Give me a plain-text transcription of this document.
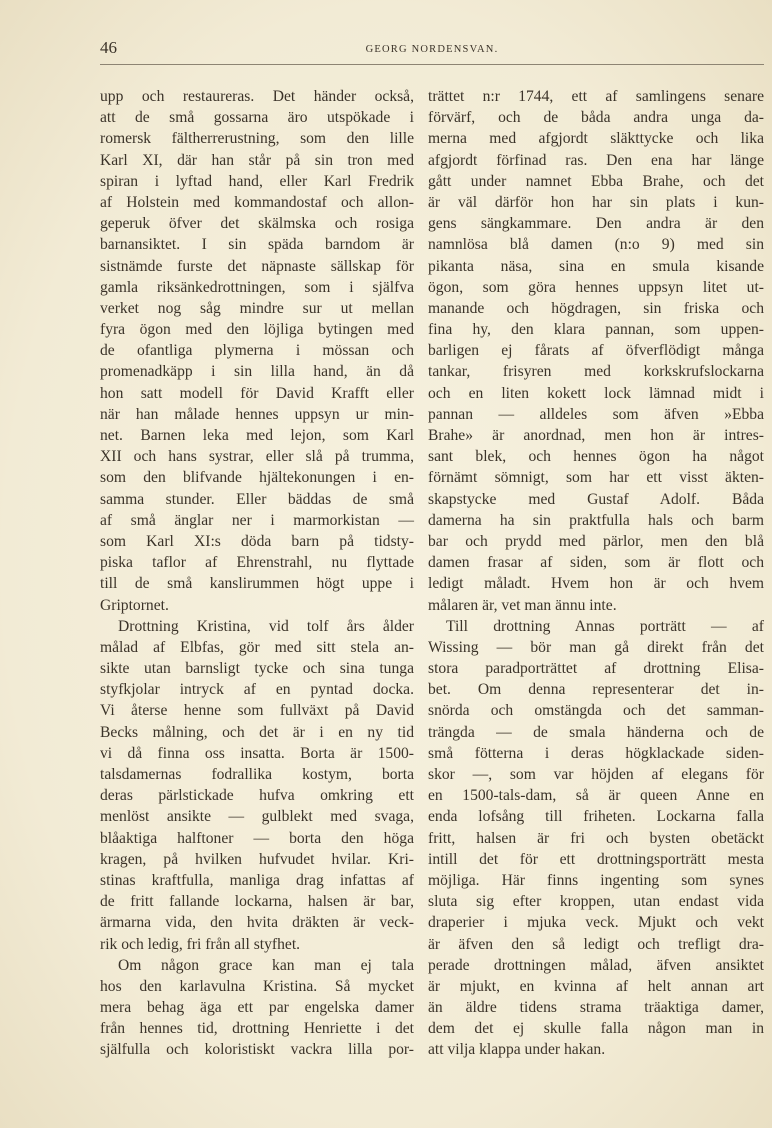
46	GEORG NORDENSVAN.
upp och restaureras. Det händer också,
att de små gossarna äro utspökade i
romersk fältherrerustning, som den lille
Karl XI, där han står på sin tron med
spiran i lyftad hand, eller Karl Fredrik
af Holstein med kommandostaf och allon-
geperuk öfver det skälmska och rosiga
barnansiktet. I sin späda barndom är
sistnämde furste det näpnaste sällskap för
gamla riksänkedrottningen, som i själfva
verket nog såg mindre sur ut mellan
fyra ögon med den löjliga bytingen med
de ofantliga plymerna i mössan och
promenadkäpp i sin lilla hand, än då
hon satt modell för David Krafft eller
när han målade hennes uppsyn ur min-
net. Barnen leka med lejon, som Karl
XII och hans systrar, eller slå på trumma,
som den blifvande hjältekonungen i en-
samma stunder. Eller bäddas de små
af små änglar ner i marmorkistan —
som Karl XI:s döda barn på tidsty-
piska taflor af Ehrenstrahl, nu flyttade
till de små kanslirummen högt uppe i
Griptornet.
Drottning Kristina, vid tolf års ålder
målad af Elbfas, gör med sitt stela an-
sikte utan barnsligt tycke och sina tunga
styfkjolar intryck af en pyntad docka.
Vi återse henne som fullväxt på David
Becks målning, och det är i en ny tid
vi då finna oss insatta. Borta är 1500-
talsdamernas fodrallika kostym, borta
deras pärlstickade hufva omkring ett
menlöst ansikte — gulblekt med svaga,
blåaktiga halftoner — borta den höga
kragen, på hvilken hufvudet hvilar. Kri-
stinas kraftfulla, manliga drag infattas af
de fritt fallande lockarna, halsen är bar,
ärmarna vida, den hvita dräkten är veck-
rik och ledig, fri från all styfhet.
Om någon grace kan man ej tala
hos den karlavulna Kristina. Så mycket
mera behag äga ett par engelska damer
från hennes tid, drottning Henriette i det
själfulla och koloristiskt vackra lilla por-
trättet n:r 1744, ett af samlingens senare
förvärf, och de båda andra unga da-
merna med afgjordt släkttycke och lika
afgjordt förfinad ras. Den ena har länge
gått under namnet Ebba Brahe, och det
är väl därför hon har sin plats i kun-
gens sängkammare. Den andra är den
namnlösa blå damen (n:o 9) med sin
pikanta näsa, sina en smula kisande
ögon, som göra hennes uppsyn litet ut-
manande och högdragen, sin friska och
fina hy, den klara pannan, som uppen-
barligen ej fårats af öfverflödigt många
tankar, frisyren med korkskrufslockarna
och en liten kokett lock lämnad midt i
pannan — alldeles som äfven »Ebba
Brahe» är anordnad, men hon är intres-
sant blek, och hennes ögon ha något
förnämt sömnigt, som har ett visst äkten-
skapstycke med Gustaf Adolf. Båda
damerna ha sin praktfulla hals och barm
bar och prydd med pärlor, men den blå
damen frasar af siden, som är flott och
ledigt måladt. Hvem hon är och hvem
målaren är, vet man ännu inte.
Till drottning Annas porträtt — af
Wissing — bör man gå direkt från det
stora paradporträttet af drottning Elisa-
bet. Om denna representerar det in-
snörda och omstängda och det samman-
trängda — de smala händerna och de
små fötterna i deras högklackade siden-
skor —, som var höjden af elegans för
en 1500-tals-dam, så är queen Anne en
enda lofsång till friheten. Lockarna falla
fritt, halsen är fri och bysten obetäckt
intill det för ett drottningsporträtt mesta
möjliga. Här finns ingenting som synes
sluta sig efter kroppen, utan endast vida
draperier i mjuka veck. Mjukt och vekt
är äfven den så ledigt och trefligt dra-
perade drottningen målad, äfven ansiktet
är mjukt, en kvinna af helt annan art
än äldre tidens strama träaktiga damer,
dem det ej skulle falla någon man in
att vilja klappa under hakan.
